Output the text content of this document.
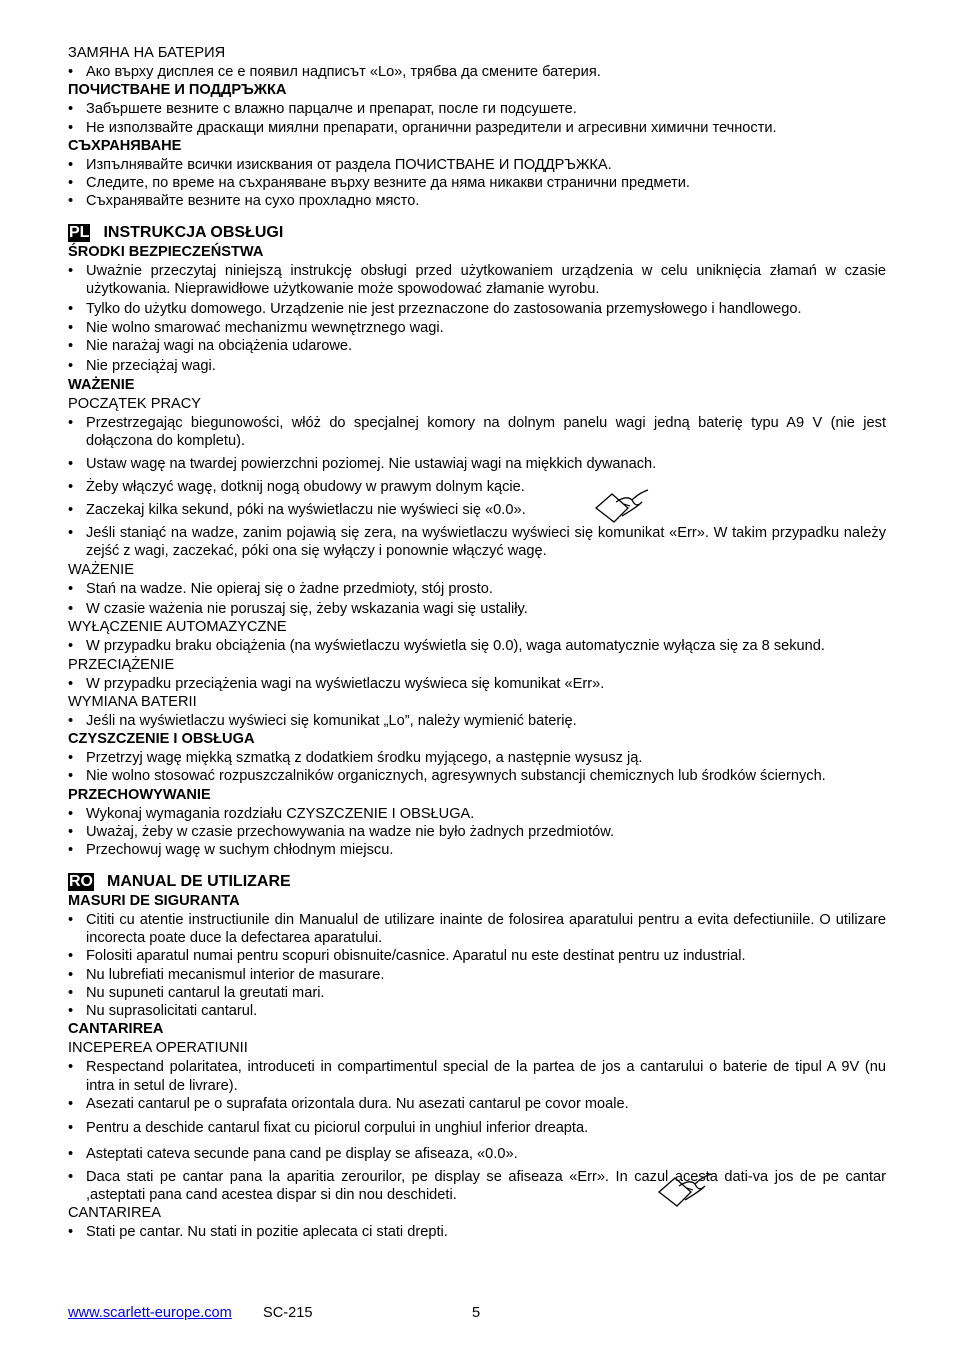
ЗАМЯНА НА БАТЕРИЯ
• Ако върху дисплея се е появил надписът «Lo», трябва да смените батерия.
ПОЧИСТВАНЕ И ПОДДРЪЖКА
• Забършете везните с влажно парцалче и препарат, после ги подсушете.
• Не използвайте драскащи миялни препарати, органични разредители и агресивни химични течности.
СЪХРАНЯВАНЕ
• Изпълнявайте всички изисквания от раздела ПОЧИСТВАНЕ И ПОДДРЪЖКА.
• Следите, по време на съхраняване върху везните да няма никакви странични предмети.
• Съхранявайте везните на сухо прохладно място.
PL INSTRUKCJA OBSŁUGI
ŚRODKI BEZPIECZEŃSTWA
• Uważnie przeczytaj niniejszą instrukcję obsługi przed użytkowaniem urządzenia w celu uniknięcia złamań w czasie użytkowania. Nieprawidłowe użytkowanie może spowodować złamanie wyrobu.
• Tylko do użytku domowego. Urządzenie nie jest przeznaczone do zastosowania przemysłowego i handlowego.
• Nie wolno smarować mechanizmu wewnętrznego wagi.
• Nie narażaj wagi na obciążenia udarowe.
• Nie przeciążaj wagi.
WAŻENIE
POCZĄTEK PRACY
• Przestrzegając biegunowości, włóż do specjalnej komory na dolnym panelu wagi jedną baterię typu A9 V (nie jest dołączona do kompletu).
• Ustaw wagę na twardej powierzchni poziomej. Nie ustawiaj wagi na miękkich dywanach.
• Żeby włączyć wagę, dotknij nogą obudowy w prawym dolnym kącie.
• Zaczekaj kilka sekund, póki na wyświetlaczu nie wyświeci się «0.0».
• Jeśli staniąć na wadze, zanim pojawią się zera, na wyświetlaczu wyświeci się komunikat «Err». W takim przypadku należy zejść z wagi, zaczekać, póki ona się wyłączy i ponownie włączyć wagę.
WAŻENIE
• Stań na wadze. Nie opieraj się o żadne przedmioty, stój prosto.
• W czasie ważenia nie poruszaj się, żeby wskazania wagi się ustaliły.
WYŁĄCZENIE AUTOMAZYCZNE
• W przypadku braku obciążenia (na wyświetlaczu wyświetla się 0.0), waga automatycznie wyłącza się za 8 sekund.
PRZECIĄŻENIE
• W przypadku przeciążenia wagi na wyświetlaczu wyświeca się komunikat «Err».
WYMIANA BATERII
• Jeśli na wyświetlaczu wyświeci się komunikat „Lo”, należy wymienić baterię.
CZYSZCZENIE I OBSŁUGA
• Przetrzyj wagę miękką szmatką z dodatkiem środku myjącego, a następnie wysusz ją.
• Nie wolno stosować rozpuszczalników organicznych, agresywnych substancji chemicznych lub środków ściernych.
PRZECHOWYWANIE
• Wykonaj wymagania rozdziału CZYSZCZENIE I OBSŁUGA.
• Uważaj, żeby w czasie przechowywania na wadze nie było żadnych przedmiotów.
• Przechowuj wagę w suchym chłodnym miejscu.
RO MANUAL DE UTILIZARE
MASURI DE SIGURANTA
• Cititi cu atentie instructiunile din Manualul de utilizare inainte de folosirea aparatului pentru a evita defectiuniile. O utilizare incorecta poate duce la defectarea aparatului.
• Folositi aparatul numai pentru scopuri obisnuite/casnice. Aparatul nu este destinat pentru uz industrial.
• Nu lubrefiati mecanismul interior de masurare.
• Nu supuneti cantarul la greutati mari.
• Nu suprasolicitati cantarul.
CANTARIREA
INCEPEREA OPERATIUNII
• Respectand polaritatea, introduceti in compartimentul special de la partea de jos a cantarului o baterie de tipul A 9V (nu intra in setul de livrare).
• Asezati cantarul pe o suprafata orizontala dura. Nu asezati cantarul pe covor moale.
• Pentru a deschide cantarul fixat cu piciorul corpului in unghiul inferior dreapta.
• Asteptati cateva secunde pana cand pe display se afiseaza, «0.0».
• Daca stati pe cantar pana la aparitia zerourilor, pe display se afiseaza «Err». In cazul acesta dati-va jos de pe cantar ,asteptati pana cand acestea dispar si din nou deschideti.
CANTARIREA
• Stati pe cantar. Nu stati in pozitie aplecata ci stati drepti.
www.scarlett-europe.com SC-215	5
